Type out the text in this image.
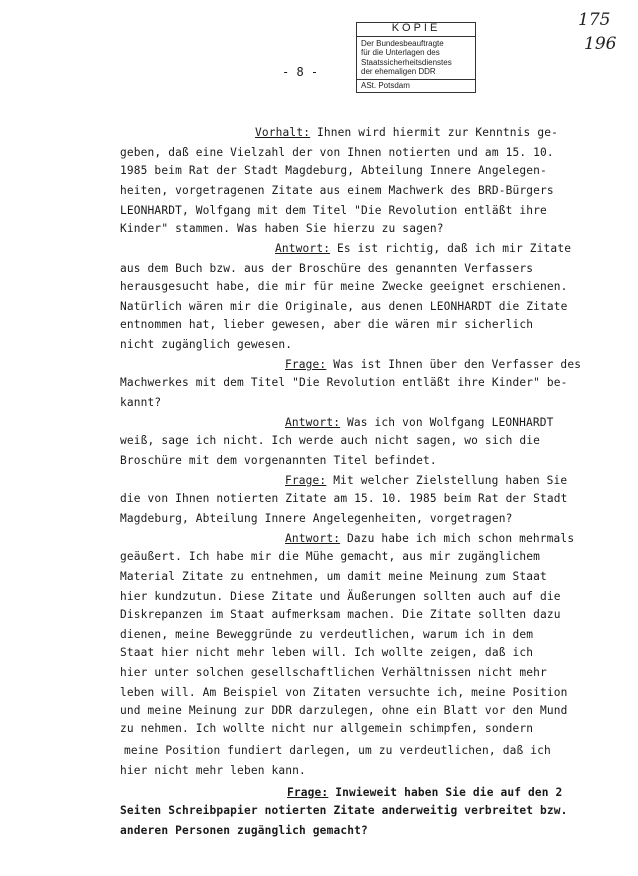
175
196
KOPIE
Der Bundesbeauftragte
für die Unterlagen des
Staatssicherheitsdienstes
der ehemaligen DDR
ASt. Potsdam
- 8 -
Vorhalt: Ihnen wird hiermit zur Kenntnis ge-
geben, daß eine Vielzahl der von Ihnen notierten und am 15. 10.
1985 beim Rat der Stadt Magdeburg, Abteilung Innere Angelegen-
heiten, vorgetragenen Zitate aus einem Machwerk des BRD-Bürgers
LEONHARDT, Wolfgang mit dem Titel "Die Revolution entläßt ihre
Kinder" stammen. Was haben Sie hierzu zu sagen?
Antwort: Es ist richtig, daß ich mir Zitate
aus dem Buch bzw. aus der Broschüre des genannten Verfassers
herausgesucht habe, die mir für meine Zwecke geeignet erschienen.
Natürlich wären mir die Originale, aus denen LEONHARDT die Zitate
entnommen hat, lieber gewesen, aber die wären mir sicherlich
nicht zugänglich gewesen.
Frage: Was ist Ihnen über den Verfasser des
Machwerkes mit dem Titel "Die Revolution entläßt ihre Kinder" be-
kannt?
Antwort: Was ich von Wolfgang LEONHARDT
weiß, sage ich nicht. Ich werde auch nicht sagen, wo sich die
Broschüre mit dem vorgenannten Titel befindet.
Frage: Mit welcher Zielstellung haben Sie
die von Ihnen notierten Zitate am 15. 10. 1985 beim Rat der Stadt
Magdeburg, Abteilung Innere Angelegenheiten, vorgetragen?
Antwort: Dazu habe ich mich schon mehrmals
geäußert. Ich habe mir die Mühe gemacht, aus mir zugänglichem
Material Zitate zu entnehmen, um damit meine Meinung zum Staat
hier kundzutun. Diese Zitate und Äußerungen sollten auch auf die
Diskrepanzen im Staat aufmerksam machen. Die Zitate sollten dazu
dienen, meine Beweggründe zu verdeutlichen, warum ich in dem
Staat hier nicht mehr leben will. Ich wollte zeigen, daß ich
hier unter solchen gesellschaftlichen Verhältnissen nicht mehr
leben will. Am Beispiel von Zitaten versuchte ich, meine Position
und meine Meinung zur DDR darzulegen, ohne ein Blatt vor den Mund
zu nehmen. Ich wollte nicht nur allgemein schimpfen, sondern
meine Position fundiert darlegen, um zu verdeutlichen, daß ich
hier nicht mehr leben kann.
Frage: Inwieweit haben Sie die auf den 2
Seiten Schreibpapier notierten Zitate anderweitig verbreitet bzw.
anderen Personen zugänglich gemacht?
